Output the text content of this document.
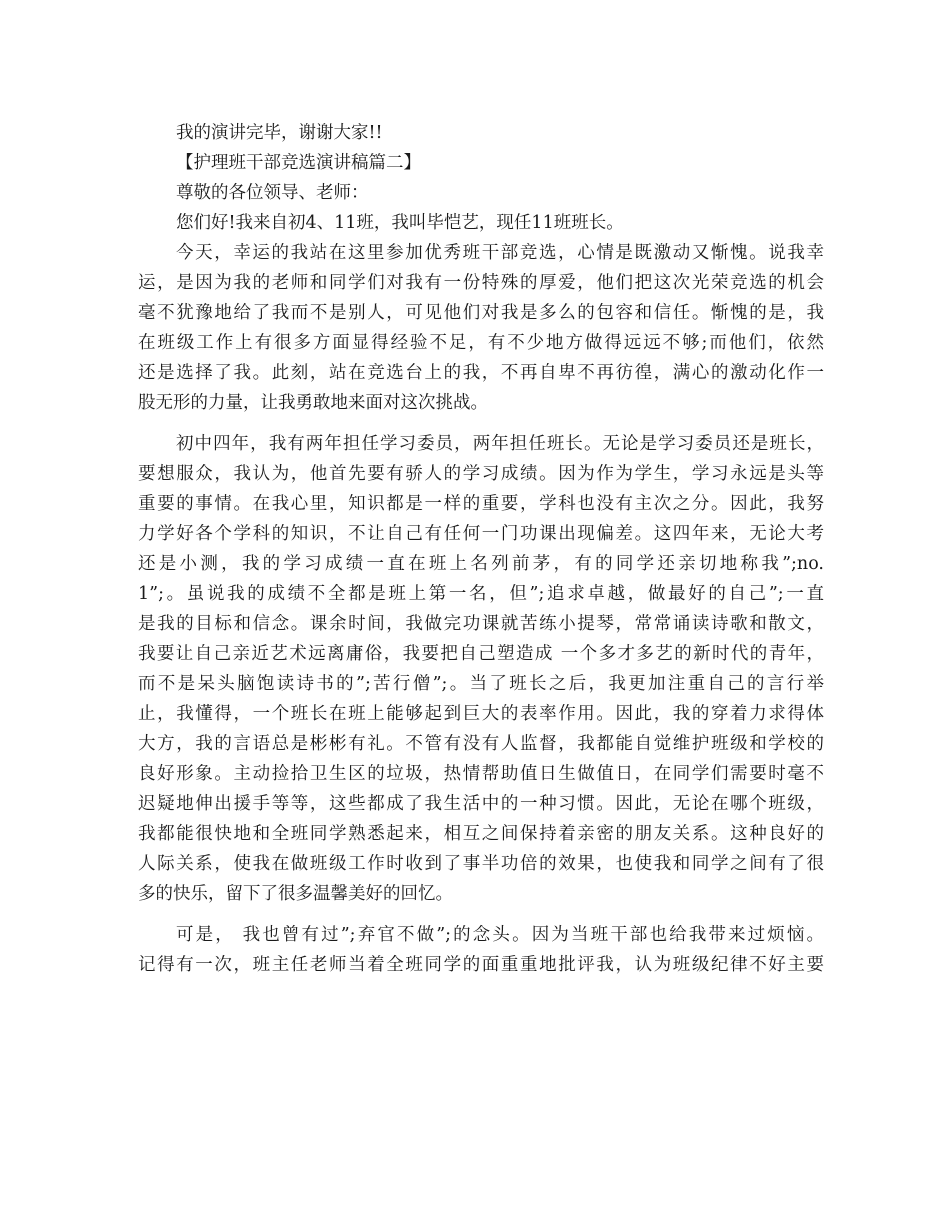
我的演讲完毕，谢谢大家!!
【护理班干部竞选演讲稿篇二】
尊敬的各位领导、老师：
您们好!我来自初4、11班，我叫毕恺艺，现任11班班长。
今天，幸运的我站在这里参加优秀班干部竞选，心情是既激动又惭愧。说我幸
运，是因为我的老师和同学们对我有一份特殊的厚爱，他们把这次光荣竞选的机会
毫不犹豫地给了我而不是别人，可见他们对我是多么的包容和信任。惭愧的是，我
在班级工作上有很多方面显得经验不足，有不少地方做得远远不够;而他们，依然
还是选择了我。此刻，站在竞选台上的我，不再自卑不再彷徨，满心的激动化作一
股无形的力量，让我勇敢地来面对这次挑战。
初中四年，我有两年担任学习委员，两年担任班长。无论是学习委员还是班长，
要想服众，我认为，他首先要有骄人的学习成绩。因为作为学生，学习永远是头等
重要的事情。在我心里，知识都是一样的重要，学科也没有主次之分。因此，我努
力学好各个学科的知识，不让自己有任何一门功课出现偏差。这四年来，无论大考
还是小测，我的学习成绩一直在班上名列前茅，有的同学还亲切地称我”;no.
1”;。虽说我的成绩不全都是班上第一名，但”;追求卓越，做最好的自己”;一直
是我的目标和信念。课余时间，我做完功课就苦练小提琴，常常诵读诗歌和散文，
我要让自己亲近艺术远离庸俗，我要把自己塑造成 一个多才多艺的新时代的青年，
而不是呆头脑饱读诗书的”;苦行僧”;。当了班长之后，我更加注重自己的言行举
止，我懂得，一个班长在班上能够起到巨大的表率作用。因此，我的穿着力求得体
大方，我的言语总是彬彬有礼。不管有没有人监督，我都能自觉维护班级和学校的
良好形象。主动捡拾卫生区的垃圾，热情帮助值日生做值日，在同学们需要时毫不
迟疑地伸出援手等等，这些都成了我生活中的一种习惯。因此，无论在哪个班级，
我都能很快地和全班同学熟悉起来，相互之间保持着亲密的朋友关系。这种良好的
人际关系，使我在做班级工作时收到了事半功倍的效果，也使我和同学之间有了很
多的快乐，留下了很多温馨美好的回忆。
可是， 我也曾有过”;弃官不做”;的念头。因为当班干部也给我带来过烦恼。
记得有一次，班主任老师当着全班同学的面重重地批评我，认为班级纪律不好主要
